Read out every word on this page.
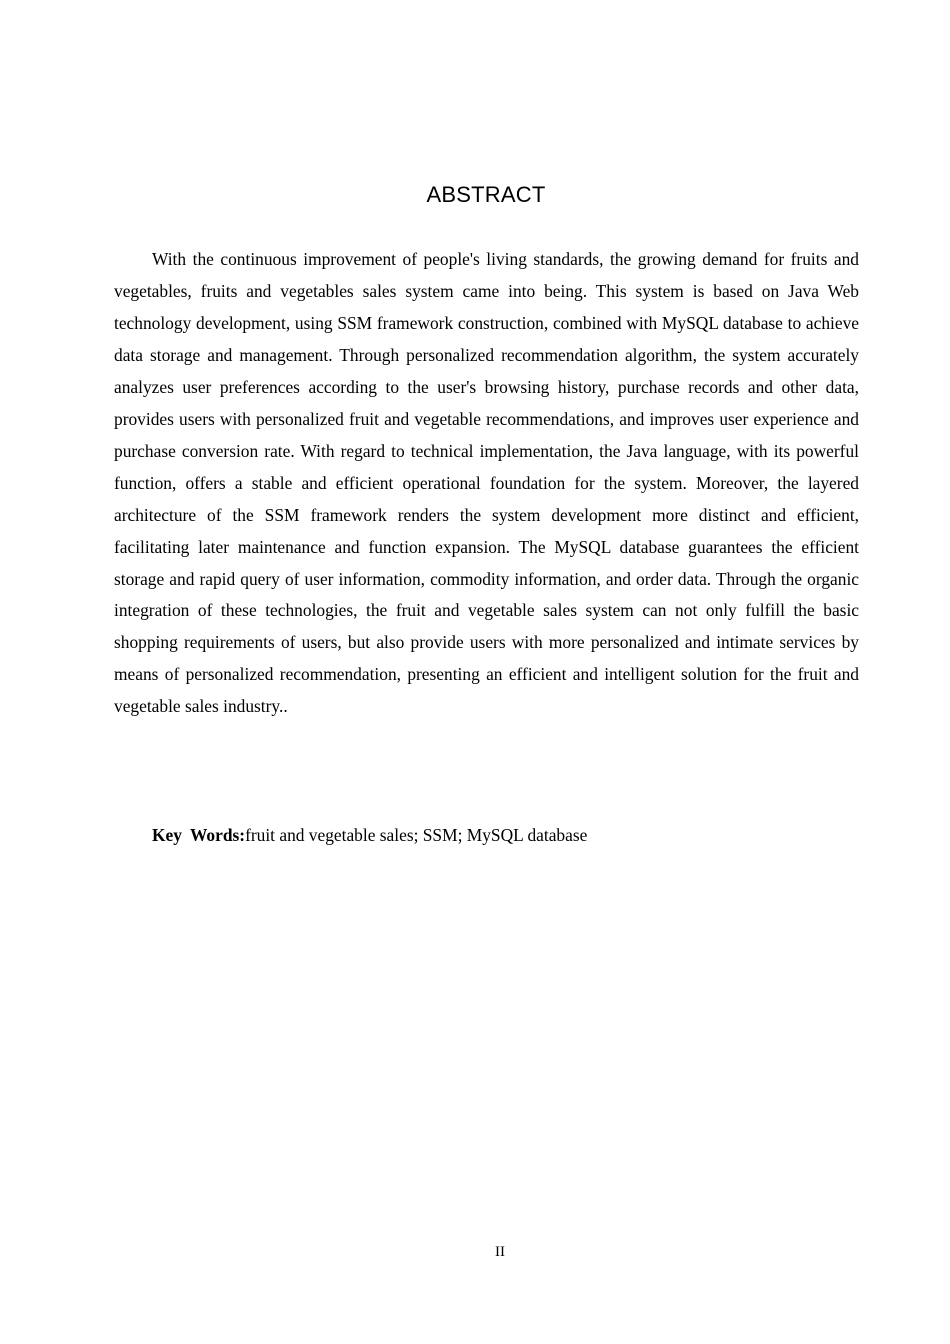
ABSTRACT

With the continuous improvement of people's living standards, the growing demand for fruits and vegetables, fruits and vegetables sales system came into being. This system is based on Java Web technology development, using SSM framework construction, combined with MySQL database to achieve data storage and management. Through personalized recommendation algorithm, the system accurately analyzes user preferences according to the user's browsing history, purchase records and other data, provides users with personalized fruit and vegetable recommendations, and improves user experience and purchase conversion rate. With regard to technical implementation, the Java language, with its powerful function, offers a stable and efficient operational foundation for the system. Moreover, the layered architecture of the SSM framework renders the system development more distinct and efficient, facilitating later maintenance and function expansion. The MySQL database guarantees the efficient storage and rapid query of user information, commodity information, and order data. Through the organic integration of these technologies, the fruit and vegetable sales system can not only fulfill the basic shopping requirements of users, but also provide users with more personalized and intimate services by means of personalized recommendation, presenting an efficient and intelligent solution for the fruit and vegetable sales industry..

Key Words:fruit and vegetable sales; SSM; MySQL database

II
